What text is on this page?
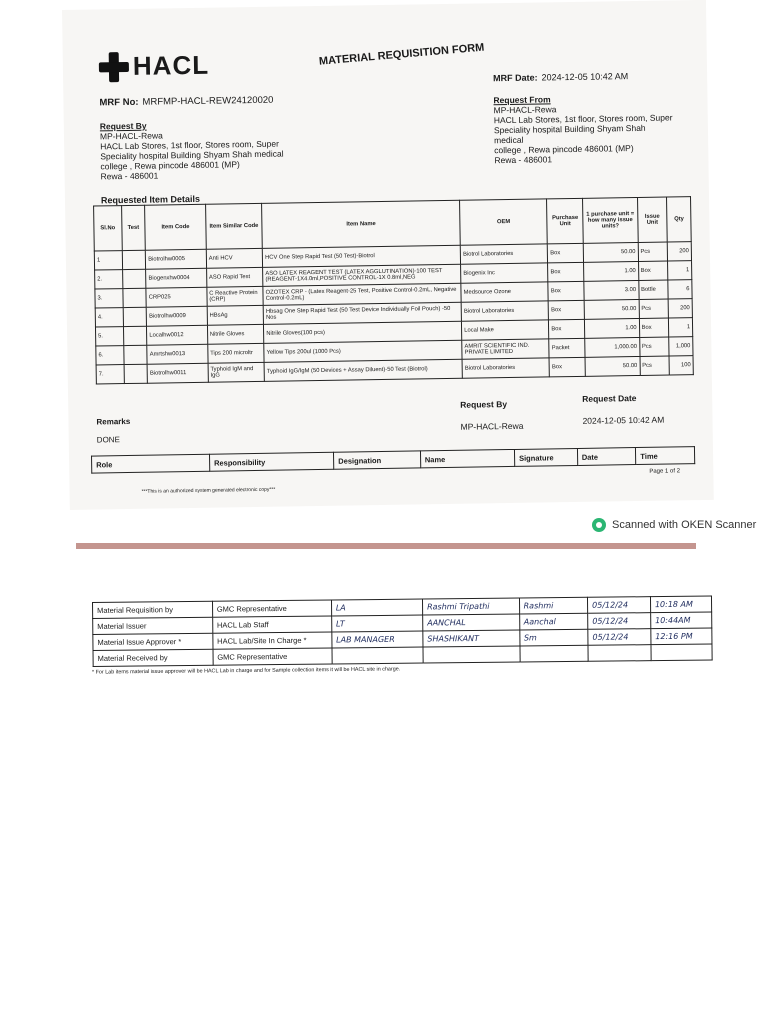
HACL	MATERIAL REQUISITION FORM
MRF No: MRFMP-HACL-REW24120020
MRF Date: 2024-12-05 10:42 AM
Request By
MP-HACL-Rewa
HACL Lab Stores, 1st floor, Stores room, Super
Speciality hospital Building Shyam Shah medical
college , Rewa pincode 486001 (MP)
Rewa - 486001
Request From
MP-HACL-Rewa
HACL Lab Stores, 1st floor, Stores room, Super
Speciality hospital Building Shyam Shah medical
college , Rewa pincode 486001 (MP)
Rewa - 486001
Requested Item Details
Sl.No	Test	Item Code	Item Similar Code	Item Name	OEM	Purchase Unit	1 purchase unit = how many issue units?	Issue Unit	Qty
1		Biotrolhw0005	Anti HCV	HCV One Step Rapid Test (50 Test)-Biotrol	Biotrol Laboratories	Box	50.00	Pcs	200
2.		Biogenxhw0004	ASO Rapid Test	ASO LATEX REAGENT TEST (LATEX AGGLUTINATION)-100 TEST (REAGENT-1X4.0ml,POSITIVE CONTROL-1X 0.8ml,NEG	Biogenix Inc	Box	1.00	Box	1
3.		CRP025	C Reactive Protein (CRP)	OZOTEX CRP - (Latex Reagent-25 Test, Positive Control-0.2mL, Negative Control-0.2mL)	Medsource Ozone	Box	3.00	Bottle	6
4.		Biotrolhw0009	HBsAg	Hbsag One Step Rapid Test (50 Test Device Individually Foil Pouch) -50 Nos	Biotrol Laboratories	Box	50.00	Pcs	200
5.		Localhw0012	Nitrile Gloves	Nitrile Gloves(100 pcs)	Local Make	Box	1.00	Box	1
6.		Amrtshw0013	Tips 200 microltr	Yellow Tips 200ul (1000 Pcs)	AMRIT SCIENTIFIC IND. PRIVATE LIMITED	Packet	1,000.00	Pcs	1,000
7.		Biotrolhw0011	Typhoid IgM and IgG	Typhoid IgG/IgM (50 Devices + Assay Diluent)-50 Test (Biotrol)	Biotrol Laboratories	Box	50.00	Pcs	100
Remarks
DONE
Request By
MP-HACL-Rewa
Request Date
2024-12-05 10:42 AM
Role	Responsibility	Designation	Name	Signature	Date	Time
Page 1 of 2
***This is an authorized system generated electronic copy***
Scanned with OKEN Scanner
Material Requisition by	GMC Representative	LA	Rashmi Tripathi	Rashmi	05/12/24	10:18 AM
Material Issuer	HACL Lab Staff	LT	AANCHAL	Aanchal	05/12/24	10:44AM
Material Issue Approver *	HACL Lab/Site In Charge *	LAB MANAGER	SHASHIKANT	Sm	05/12/24	12:16 PM
Material Received by	GMC Representative					
* For Lab items material issue approver will be HACL Lab in charge and for Sample collection items it will be HACL site in charge.
